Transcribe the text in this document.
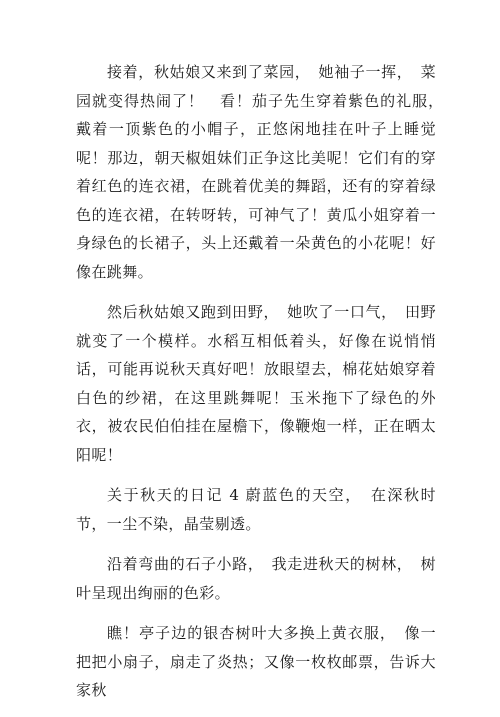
接着，秋姑娘又来到了菜园，　她袖子一挥，　菜园就变得热闹了！　看！茄子先生穿着紫色的礼服，　戴着一顶紫色的小帽子，正悠闲地挂在叶子上睡觉呢！那边，朝天椒姐妹们正争这比美呢！它们有的穿着红色的连衣裙，在跳着优美的舞蹈，还有的穿着绿色的连衣裙，在转呀转，可神气了！黄瓜小姐穿着一身绿色的长裙子，头上还戴着一朵黄色的小花呢！好像在跳舞。

然后秋姑娘又跑到田野，　她吹了一口气，　田野就变了一个模样。水稻互相低着头，好像在说悄悄话，可能再说秋天真好吧！放眼望去，棉花姑娘穿着白色的纱裙，在这里跳舞呢！玉米拖下了绿色的外衣，被农民伯伯挂在屋檐下，像鞭炮一样，正在晒太阳呢！

关于秋天的日记 4 蔚蓝色的天空，　在深秋时节，一尘不染，晶莹剔透。

沿着弯曲的石子小路，　我走进秋天的树林，　树叶呈现出绚丽的色彩。

瞧！亭子边的银杏树叶大多换上黄衣服，　像一把把小扇子，扇走了炎热；又像一枚枚邮票，告诉大家秋
